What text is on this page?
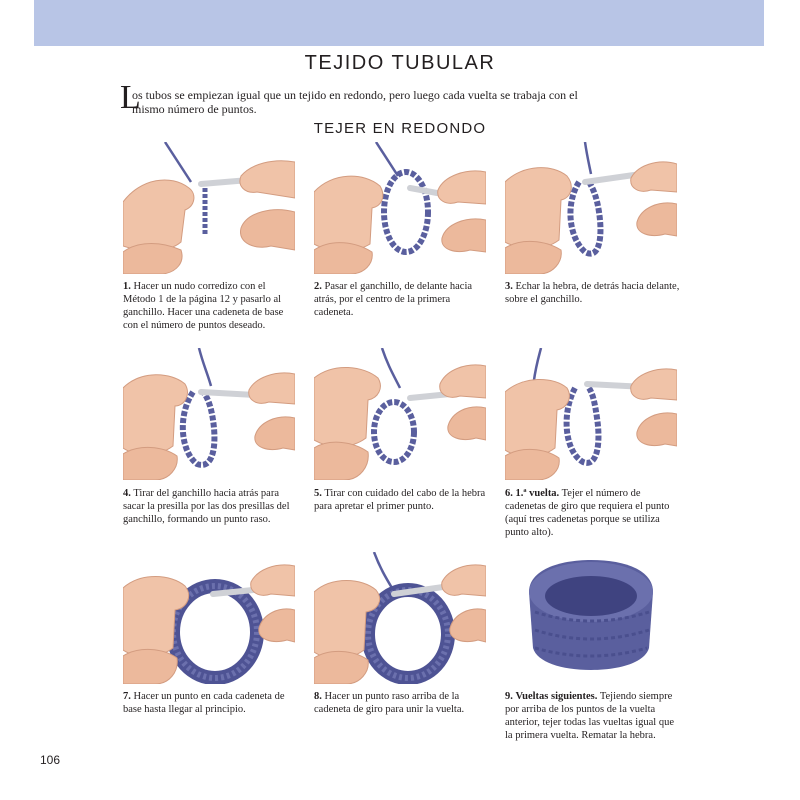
TEJIDO TUBULAR
L

os tubos se empiezan igual que un tejido en redondo, pero luego cada vuelta se trabaja con el mismo número de puntos.

TEJER EN REDONDO

1. Hacer un nudo corredizo con el Método 1 de la página 12 y pasarlo al ganchillo. Hacer una cadeneta de base con el número de puntos deseado.

2. Pasar el ganchillo, de delante hacia atrás, por el centro de la primera cadeneta.

3. Echar la hebra, de detrás hacia delante, sobre el ganchillo.

4. Tirar del ganchillo hacia atrás para sacar la presilla por las dos presillas del ganchillo, formando un punto raso.

5. Tirar con cuidado del cabo de la hebra para apretar el primer punto.

6. 1.ª vuelta. Tejer el número de cadenetas de giro que requiera el punto (aquí tres cadenetas porque se utiliza punto alto).

7. Hacer un punto en cada cadeneta de base hasta llegar al principio.

8. Hacer un punto raso arriba de la cadeneta de giro para unir la vuelta.

9. Vueltas siguientes. Tejiendo siempre por arriba de los puntos de la vuelta anterior, tejer todas las vueltas igual que la primera vuelta. Rematar la hebra.

106
